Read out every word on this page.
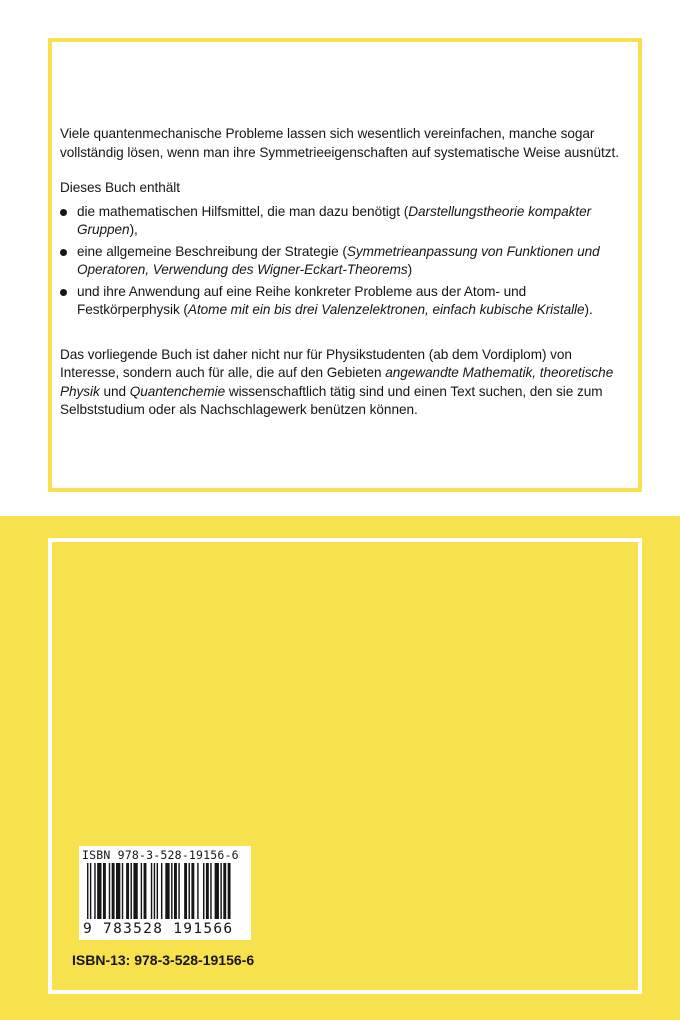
Viele quantenmechanische Probleme lassen sich wesentlich vereinfachen, manche sogar vollständig lösen, wenn man ihre Symmetrieeigenschaften auf systematische Weise ausnützt.

Dieses Buch enthält

die mathematischen Hilfsmittel, die man dazu benötigt (Darstellungstheorie kompakter Gruppen),
eine allgemeine Beschreibung der Strategie (Symmetrieanpassung von Funktionen und Operatoren, Verwendung des Wigner-Eckart-Theorems)
und ihre Anwendung auf eine Reihe konkreter Probleme aus der Atom- und Festkörperphysik (Atome mit ein bis drei Valenzelektronen, einfach kubische Kristalle).

Das vorliegende Buch ist daher nicht nur für Physikstudenten (ab dem Vordiplom) von Interesse, sondern auch für alle, die auf den Gebieten angewandte Mathematik, theoretische Physik und Quantenchemie wissenschaftlich tätig sind und einen Text suchen, den sie zum Selbststudium oder als Nachschlagewerk benützen können.

ISBN 978-3-528-19156-6
9 783528 191566
ISBN-13: 978-3-528-19156-6
